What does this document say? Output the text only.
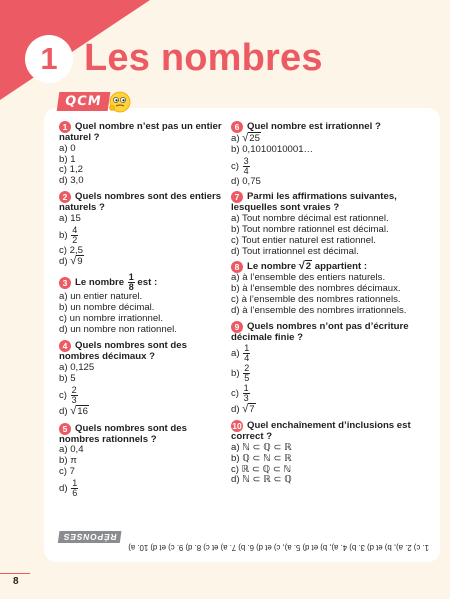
1 Les nombres
QCM
1 Quel nombre n’est pas un entier naturel ?
a) 0
b) 1
c) 1,2
d) 3,0
2 Quels nombres sont des entiers naturels ?
a) 15
$b) \frac{4}{2}$
c) 2,5
d) √9
3 Le nombre $\frac{1}{8}$ est :
a) un entier naturel.
b) un nombre décimal.
c) un nombre irrationnel.
d) un nombre non rationnel.
4 Quels nombres sont des nombres décimaux ?
a) 0,125
b) 5
$c) \frac{2}{3}$
d) √16
5 Quels nombres sont des nombres rationnels ?
a) 0,4
b) π
c) 7
$d) \frac{1}{6}$
6 Quel nombre est irrationnel ?
a) √25
b) 0,1010010001…
$c) \frac{3}{4}$
d) 0,75
7 Parmi les affirmations suivantes, lesquelles sont vraies ?
a) Tout nombre décimal est rationnel.
b) Tout nombre rationnel est décimal.
c) Tout entier naturel est rationnel.
d) Tout irrationnel est décimal.
8 Le nombre √2 appartient :
a) à l’ensemble des entiers naturels.
b) à l’ensemble des nombres décimaux.
c) à l’ensemble des nombres rationnels.
d) à l’ensemble des nombres irrationnels.
9 Quels nombres n’ont pas d’écriture décimale finie ?
$a) \frac{1}{4}$
$b) \frac{2}{5}$
$c) \frac{1}{3}$
d) √7
10 Quel enchaînement d’inclusions est correct ?
a) ℕ ⊂ ℚ ⊂ ℝ
b) ℚ ⊂ ℕ ⊂ ℝ
c) ℝ ⊂ ℚ ⊂ ℕ
d) ℕ ⊂ ℝ ⊂ ℚ
RÉPONSES
1. c) 2. a), b) et d) 3. b) 4. a), b) et d) 5. a), c) et d) 6. b) 7. a) et c) 8. d) 9. c) et d) 10. a)
8
